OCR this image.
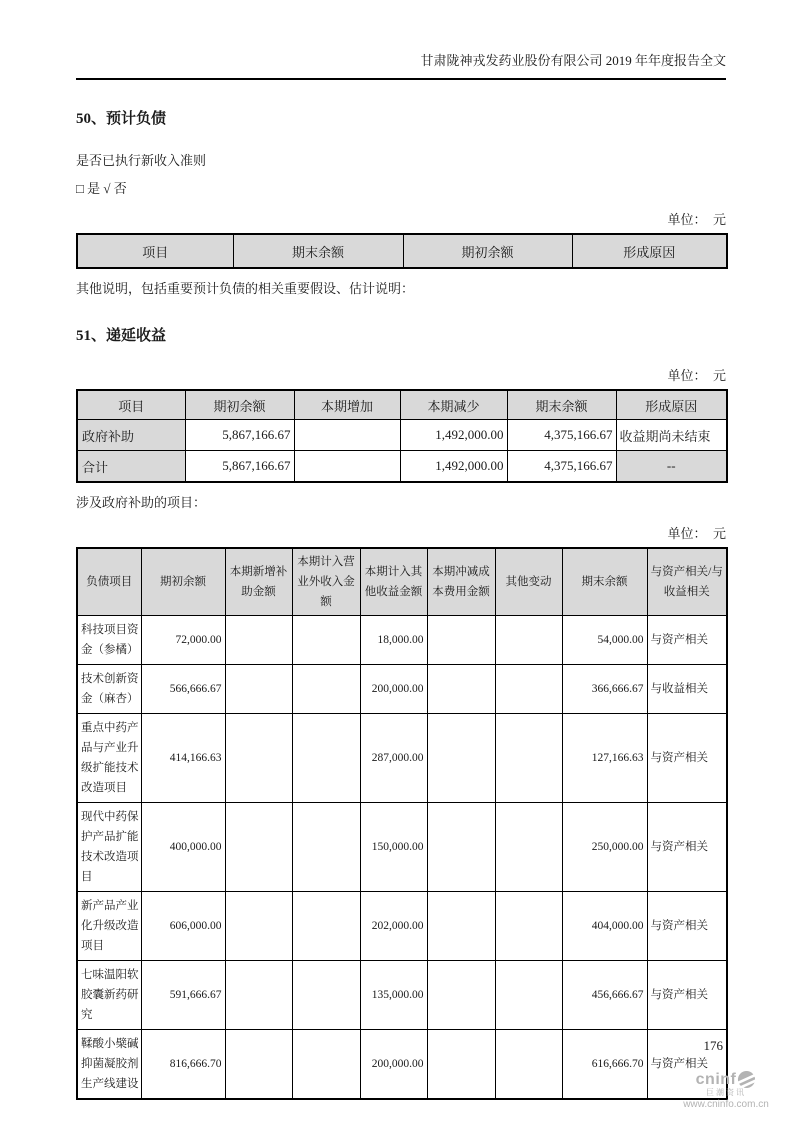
甘肃陇神戎发药业股份有限公司 2019 年年度报告全文
50、预计负债

是否已执行新收入准则

□ 是 √ 否

单位：　元
项目	期末余额	期初余额	形成原因

其他说明，包括重要预计负债的相关重要假设、估计说明：

51、递延收益
单位：　元
项目	期初余额	本期增加	本期减少	期末余额	形成原因
政府补助	5,867,166.67		1,492,000.00	4,375,166.67	收益期尚未结束
合计	5,867,166.67		1,492,000.00	4,375,166.67	--

涉及政府补助的项目：

单位：　元
负债项目	期初余额	本期新增补助金额	本期计入营业外收入金额	本期计入其他收益金额	本期冲减成本费用金额	其他变动	期末余额	与资产相关/与收益相关
科技项目资金（参橘）	72,000.00			18,000.00			54,000.00	与资产相关
技术创新资金（麻杏）	566,666.67			200,000.00			366,666.67	与收益相关
重点中药产品与产业升级扩能技术改造项目	414,166.63			287,000.00			127,166.63	与资产相关
现代中药保护产品扩能技术改造项目	400,000.00			150,000.00			250,000.00	与资产相关
新产品产业化升级改造项目	606,000.00			202,000.00			404,000.00	与资产相关
七味温阳软胶囊新药研究	591,666.67			135,000.00			456,666.67	与资产相关
鞣酸小檗碱抑菌凝胶剂生产线建设	816,666.70			200,000.00			616,666.70	与资产相关
176
cninf
巨潮资讯
www.cninfo.com.cn
